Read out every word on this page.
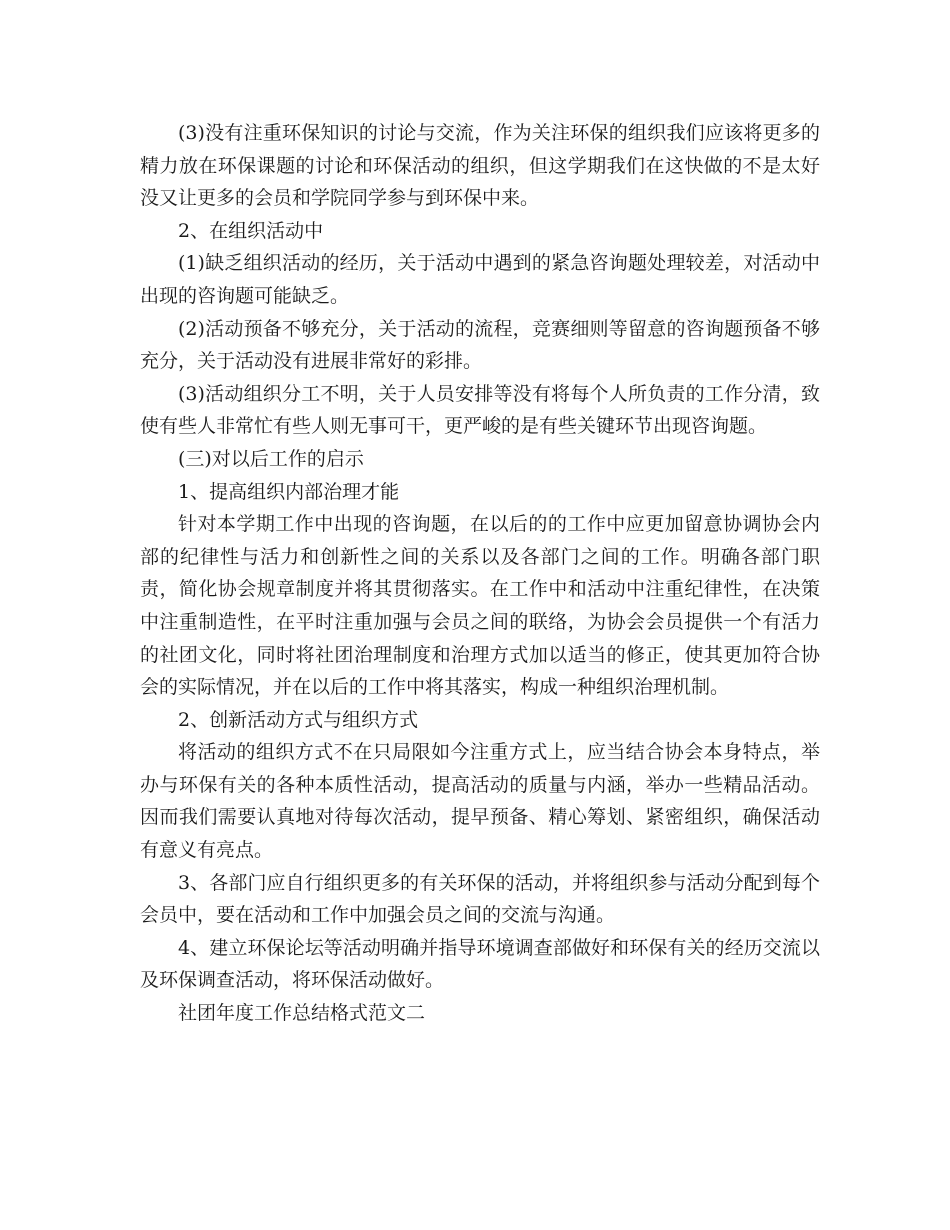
(3)没有注重环保知识的讨论与交流，作为关注环保的组织我们应该将更多的精力放在环保课题的讨论和环保活动的组织，但这学期我们在这快做的不是太好没又让更多的会员和学院同学参与到环保中来。

2、在组织活动中

(1)缺乏组织活动的经历，关于活动中遇到的紧急咨询题处理较差，对活动中出现的咨询题可能缺乏。

(2)活动预备不够充分，关于活动的流程，竞赛细则等留意的咨询题预备不够充分，关于活动没有进展非常好的彩排。

(3)活动组织分工不明，关于人员安排等没有将每个人所负责的工作分清，致使有些人非常忙有些人则无事可干，更严峻的是有些关键环节出现咨询题。

(三)对以后工作的启示

1、提高组织内部治理才能

针对本学期工作中出现的咨询题，在以后的的工作中应更加留意协调协会内部的纪律性与活力和创新性之间的关系以及各部门之间的工作。明确各部门职责，简化协会规章制度并将其贯彻落实。在工作中和活动中注重纪律性，在决策中注重制造性，在平时注重加强与会员之间的联络，为协会会员提供一个有活力的社团文化，同时将社团治理制度和治理方式加以适当的修正，使其更加符合协会的实际情况，并在以后的工作中将其落实，构成一种组织治理机制。

2、创新活动方式与组织方式

将活动的组织方式不在只局限如今注重方式上，应当结合协会本身特点，举办与环保有关的各种本质性活动，提高活动的质量与内涵，举办一些精品活动。因而我们需要认真地对待每次活动，提早预备、精心筹划、紧密组织，确保活动有意义有亮点。

3、各部门应自行组织更多的有关环保的活动，并将组织参与活动分配到每个会员中，要在活动和工作中加强会员之间的交流与沟通。

4、建立环保论坛等活动明确并指导环境调查部做好和环保有关的经历交流以及环保调查活动，将环保活动做好。

社团年度工作总结格式范文二
